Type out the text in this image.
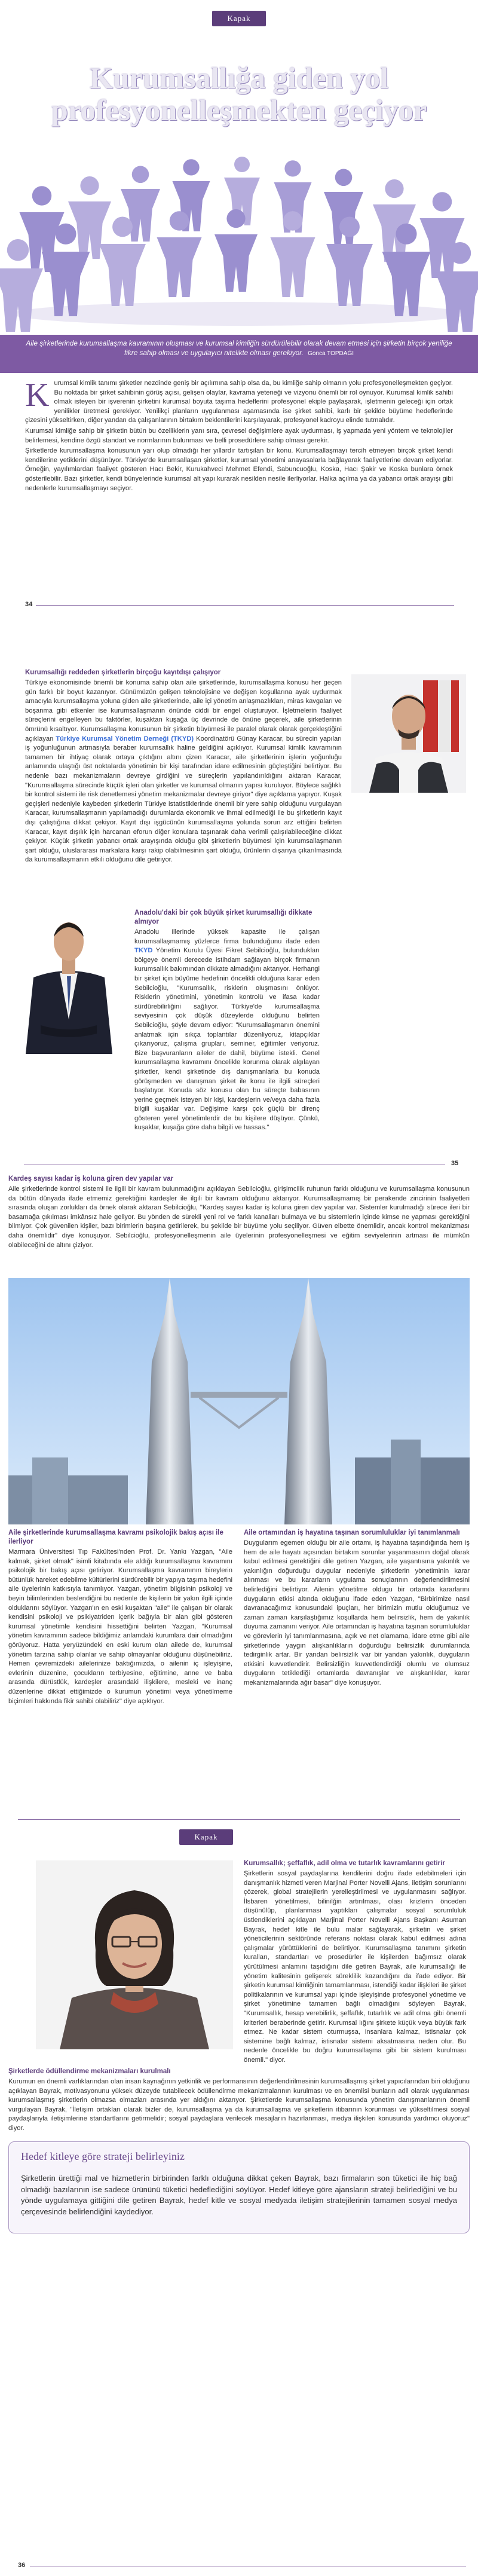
Kapak
Kurumsallığa giden yol
profesyonelleşmekten geçiyor

Aile şirketlerinde kurumsallaşma kavramının oluşması ve kurumsal kimliğin sürdürülebilir olarak devam etmesi için şirketin birçok yeniliğe fikre sahip olması ve uygulayıcı nitelikte olması gerekiyor. Gonca TOPDAĞI

K urumsal kimlik tanımı şirketler nezdinde geniş bir açılımına sahip olsa da, bu kimliğe sahip olmanın yolu profesyonelleşmekten geçiyor. Bu noktada bir şirket sahibinin görüş açısı, gelişen olaylar, kavrama yeteneği ve vizyonu önemli bir rol oynuyor. Kurumsal kimlik sahibi olmak isteyen bir işverenin şirketini kurumsal boyuta taşıma hedeflerini profesyonel ekiple paylaşarak, işletmenin geleceği için ortak yenilikler üretmesi gerekiyor. Yenilikçi planların uygulanması aşamasında ise şirket sahibi, karlı bir şekilde büyüme hedeflerinde çizesini yükseltirken, diğer yandan da çalışanlarının birtakım beklentilerini karşılayarak, profesyonel kadroyu elinde tutmalıdır.

Kurumsal kimliğe sahip bir şirketin bütün bu özelliklerin yanı sıra, çevresel değişimlere ayak uydurması, iş yapmada yeni yöntem ve teknolojiler belirlemesi, kendine özgü standart ve normlarının bulunması ve belli prosedürlere sahip olması gerekir.

Şirketlerde kurumsallaşma konusunun yarı olup olmadığı her yıllardır tartışılan bir konu. Kurumsallaşmayı tercih etmeyen birçok şirket kendi kendilerine yetiklerini düşünüyor. Türkiye'de kurumsallaşan şirketler, kurumsal yönetimi anayasalarla bağlayarak faaliyetlerine devam ediyorlar. Örneğin, yayılımlardan faaliyet gösteren Hacı Bekir, Kurukahveci Mehmet Efendi, Sabuncuoğlu, Koska, Hacı Şakir ve Koska bunlara örnek gösterilebilir. Bazı şirketler, kendi bünyelerinde kurumsal alt yapı kurarak nesilden nesile ilerliyorlar. Halka açılma ya da yabancı ortak arayışı gibi nedenlerle kurumsallaşmayı seçiyor.

34

Kurumsallığı reddeden şirketlerin birçoğu kayıtdışı çalışıyor

Türkiye ekonomisinde önemli bir konuma sahip olan aile şirketlerinde, kurumsallaşma konusu her geçen gün farklı bir boyut kazanıyor. Günümüzün gelişen teknolojisine ve değişen koşullarına ayak uydurmak amacıyla kurumsallaşma yoluna giden aile şirketlerinde, aile içi yönetim anlaşmazlıkları, miras kavgaları ve boşanma gibi etkenler ise kurumsallaşmanın önünde ciddi bir engel oluşturuyor. İşletmelerin faaliyet süreçlerini engelleyen bu faktörler, kuşaktan kuşağa üç devrinde de önüne geçerek, aile şirketlerinin ömrünü kısaltıyor. Kurumsallaşma konusunun bir şirketin büyümesi ile paralel olarak olarak gerçekleştiğini açıklayan Türkiye Kurumsal Yönetim Derneği (TKYD) Koordinatörü Günay Karacar, bu sürecin yapıları iş yoğunluğunun artmasıyla beraber kurumsallık haline geldiğini açıklıyor. Kurumsal kimlik kavramının tamamen bir ihtiyaç olarak ortaya çıktığını altını çizen Karacar, aile şirketlerinin işlerin yoğunluğu anlamında ulaştığı üst noktalarda yönetimin bir kişi tarafından idare edilmesinin güçleştiğini belirtiyor. Bu nedenle bazı mekanizmaların devreye girdiğini ve süreçlerin yapılandırıldığını aktaran Karacar, "Kurumsallaşma sürecinde küçük işleri olan şirketler ve kurumsal olmanın yapısı kuruluyor. Böylece sağlıklı bir kontrol sistemi ile risk denetlemesi yönetim mekanizmalar devreye giriyor" diye açıklama yapıyor. Kuşak geçişleri nedeniyle kaybeden şirketlerin Türkiye istatistiklerinde önemli bir yere sahip olduğunu vurgulayan Karacar, kurumsallaşmanın yapılamadığı durumlarda ekonomik ve ihmal edilmediği ile bu şirketlerin kayıt dışı çalıştığına dikkat çekiyor. Kayıt dışı işgücünün kurumsallaşma yolunda sorun arz ettiğini belirten Karacar, kayıt dışılık için harcanan eforun diğer konulara taşınarak daha verimli çalışılabileceğine dikkat çekiyor. Küçük şirketin yabancı ortak arayışında olduğu gibi şirketlerin büyümesi için kurumsallaşmanın şart olduğu, uluslararası markalara karşı rakip olabilmesinin şart olduğu, ürünlerin dışarıya çıkarılmasında da kurumsallaşmanın etkili olduğunu dile getiriyor.

Anadolu'daki bir çok büyük şirket kurumsallığı dikkate almıyor

Anadolu illerinde yüksek kapasite ile çalışan kurumsallaşmamış yüzlerce firma bulunduğunu ifade eden TKYD Yönetim Kurulu Üyesi Fikret Sebilcioğlu, bulundukları bölgeye önemli derecede istihdam sağlayan birçok firmanın kurumsallık bakımından dikkate almadığını aktarıyor. Herhangi bir şirket için büyüme hedefinin öncelikli olduğuna karar eden Sebilcioğlu, "Kurumsallık, risklerin oluşmasını önlüyor. Risklerin yönetimini, yönetimin kontrolü ve ifasa kadar sürdürebilirliğini sağlıyor. Türkiye'de kurumsallaşma seviyesinin çok düşük düzeylerde olduğunu belirten Sebilcioğlu, şöyle devam ediyor: "Kurumsallaşmanın önemini anlatmak için sıkça toplantılar düzenliyoruz, kitapçıklar çıkarıyoruz, çalışma grupları, seminer, eğitimler veriyoruz. Bize başvuranların aileler de dahil, büyüme istekli. Genel kurumsallaşma kavramını öncelikle korunma olarak algılayan şirketler, kendi şirketinde dış danışmanlarla bu konuda görüşmeden ve danışman şirket ile konu ile ilgili süreçleri başlatıyor. Konuda söz konusu olan bu süreçte babasının yerine geçmek isteyen bir kişi, kardeşlerin ve/veya daha fazla bilgili kuşaklar var. Değişime karşı çok güçlü bir direnç gösteren yerel yönetimlerdir de bu kişilere düşüyor. Çünkü, kuşaklar, kuşağa göre daha bilgili ve hassas."

35

Kardeş sayısı kadar iş koluna giren dev yapılar var

Aile şirketlerinde kontrol sistemi ile ilgili bir kavram bulunmadığını açıklayan Sebilcioğlu, girişimcilik ruhunun farklı olduğunu ve kurumsallaşma konusunun da bütün dünyada ifade etmemiz gerektiğini kardeşler ile ilgili bir kavram olduğunu aktarıyor. Kurumsallaşmamış bir perakende zincirinin faaliyetleri sırasında oluşan zorlukları da örnek olarak aktaran Sebilcioğlu, "Kardeş sayısı kadar iş koluna giren dev yapılar var. Sistemler kurulmadığı sürece ileri bir basamağa çıkılması imkânsız hale geliyor. Bu yönden de sürekli yeni rol ve farklı kanalları bulmaya ve bu sistemlerin içinde kimse ne yapması gerektiğini bilmiyor. Çok güvenilen kişiler, bazı birimlerin başına getirilerek, bu şekilde bir büyüme yolu seçiliyor. Güven elbette önemlidir, ancak kontrol mekanizması daha önemlidir" diye konuşuyor. Sebilcioğlu, profesyonelleşmenin aile üyelerinin profesyonelleşmesi ve eğitim seviyelerinin artması ile mümkün olabileceğini de altını çiziyor.

Aile şirketlerinde kurumsallaşma kavramı psikolojik bakış açısı ile ilerliyor

Marmara Üniversitesi Tıp Fakültesi'nden Prof. Dr. Yankı Yazgan, "Aile kalmak, şirket olmak" isimli kitabında ele aldığı kurumsallaşma kavramını psikolojik bir bakış açısı getiriyor. Kurumsallaşma kavramının bireylerin bütünlük hareket edebilme kültürlerini sürdürebilir bir yapıya taşıma hedefini aile üyelerinin katkısıyla tanımlıyor. Yazgan, yönetim bilgisinin psikoloji ve beyin bilimlerinden beslendiğini bu nedenle de kişilerin bir yakın ilgili içinde olduklarını söylüyor. Yazgan'ın en eski kuşaktan "aile" ile çalışan bir olarak kendisini psikoloji ve psikiyatriden içerik bağıyla bir alan gibi gösteren kurumsal yönetimle kendisini hissettiğini belirten Yazgan, "Kurumsal yönetim kavramının sadece bildiğimiz anlamdaki kurumlara dair olmadığını görüyoruz. Hatta yeryüzündeki en eski kurum olan ailede de, kurumsal yönetim tarzına sahip olanlar ve sahip olmayanlar olduğunu düşünebiliriz. Hemen çevremizdeki ailelerinize baktığımızda, o ailenin iç işleyişine, evlerinin düzenine, çocukların terbiyesine, eğitimine, anne ve baba arasında dürüstlük, kardeşler arasındaki ilişkilere, mesleki ve inanç düzenlerine dikkat ettiğimizde o kurumun yönetimi veya yönetilmeme biçimleri hakkında fikir sahibi olabiliriz" diye açıklıyor.

Aile ortamından iş hayatına taşınan sorumluluklar iyi tanımlanmalı

Duygularım egemen olduğu bir aile ortamı, iş hayatına taşındığında hem iş hem de aile hayatı açısından birtakım sorunlar yaşanmasının doğal olarak kabul edilmesi gerektiğini dile getiren Yazgan, aile yaşantısına yakınlık ve yakınlığın doğurduğu duygular nedeniyle şirketlerin yönetiminin karar alınması ve bu kararların uygulama sonuçlarının değerlendirilmesini belirlediğini belirtiyor. Ailenin yönetilme oldugu bir ortamda kararlarını duyguların etkisi altında olduğunu ifade eden Yazgan, "Birbirimize nasıl davranacağımız konusundaki ipuçları, her birimizin mutlu olduğumuz ve zaman zaman karşılaştığımız koşullarda hem belirsizlik, hem de yakınlık duyuma zamanını veriyor. Aile ortamından iş hayatına taşınan sorumluluklar ve görevlerin iyi tanımlanmasına, açık ve net olamama, idare etme gibi aile şirketlerinde yaygın alışkanlıkların doğurduğu belirsizlik durumlarında tedirginlik artar. Bir yandan belirsizlik var bir yandan yakınlık, duyguların etkisini kuvvetlendirir. Belirsizliğin kuvvetlendirdiği olumlu ve olumsuz duyguların tetiklediği ortamlarda davranışlar ve alışkanlıklar, karar mekanizmalarında ağır basar" diye konuşuyor.

Kapak

Kurumsallık; şeffaflık, adil olma ve tutarlık kavramlarını getirir

Şirketlerin sosyal paydaşlarına kendilerini doğru ifade edebilmeleri için danışmanlık hizmeti veren Marjinal Porter Novelli Ajans, iletişim sorunlarını çözerek, global stratejilerin yerelleştirilmesi ve uygulanmasını sağlıyor. İlsbaren yönetilmesi, bilinilğin artırılması, olası krizlerin önceden düşünülüp, planlanması yaptıkları çalışmalar sosyal sorumluluk üstlendiklerini açıklayan Marjinal Porter Novelli Ajans Başkanı Asuman Bayrak, hedef kitle ile bulu malar sağlayarak, şirketin ve şirket yöneticilerinin sektöründe referans noktası olarak kabul edilmesi adına çalışmalar yürüttüklerini de belirtiyor. Kurumsallaşma tanımını şirketin kuralları, standartları ve prosedürler ile kişilerden bağımsız olarak yürütülmesi anlamını taşıdığını dile getiren Bayrak, aile kurumsallığı ile yönetim kalitesinin gelişerek süreklilik kazandığını da ifade ediyor. Bir şirketin kurumsal kimliğinin tamamlanması, istendiği kadar ilişkileri ile şirket politikalarının ve kurumsal yapı içinde işleyişinde profesyonel yönetime ve şirket yönetimine tamamen bağlı olmadığını söyleyen Bayrak, "Kurumsallık, hesap verebilirlik, şeffaflık, tutarlılık ve adil olma gibi önemli kriterleri beraberinde getirir. Kurumsal lığını şirkete küçük veya büyük fark etmez. Ne kadar sistem oturmuşsa, insanlara kalmaz, istisnalar çok sistemine bağlı kalmaz, istisnalar sistemi aksatmasına neden olur. Bu nedenle öncelikle bu doğru kurumsallaşma gibi bir sistem kurulması önemli." diyor.

Şirketlerde ödüllendirme mekanizmaları kurulmalı

Kurumun en önemli varlıklarından olan insan kaynağının yetkinlik ve performansının değerlendirilmesinin kurumsallaşmış şirket yapıcılarından biri olduğunu açıklayan Bayrak, motivasyonunu yüksek düzeyde tutabilecek ödüllendirme mekanizmalarının kurulması ve en önemlisi bunların adil olarak uygulanması kurumsallaşmış şirketlerin olmazsa olmazları arasında yer aldığını aktarıyor. Şirketlerde kurumsallaşma konusunda yönetim danışmanlarının önemli vurgulayan Bayrak, "İletişim ortakları olarak bizler de, kurumsallaşma ya da kurumsallaşma ve şirketlerin itibarının korunması ve yükseltilmesi sosyal paydaşlarıyla iletişimlerine standartlarını getirmelidir; sosyal paydaşlara verilecek mesajların hazırlanması, medya ilişkileri konusunda yardımcı oluyoruz" diyor.

Hedef kitleye göre strateji belirleyiniz

Şirketlerin ürettiği mal ve hizmetlerin birbirinden farklı olduğuna dikkat çeken Bayrak, bazı firmaların son tüketici ile hiç bağ olmadığı bazılarının ise sadece ürününü tüketici hedeflediğini söylüyor. Hedef kitleye göre ajansların strateji belirlediğini ve bu yönde uygulamaya gittiğini dile getiren Bayrak, hedef kitle ve sosyal medyada iletişim stratejilerinin tamamen sosyal medya çerçevesinde belirlendiğini kaydediyor.

36
